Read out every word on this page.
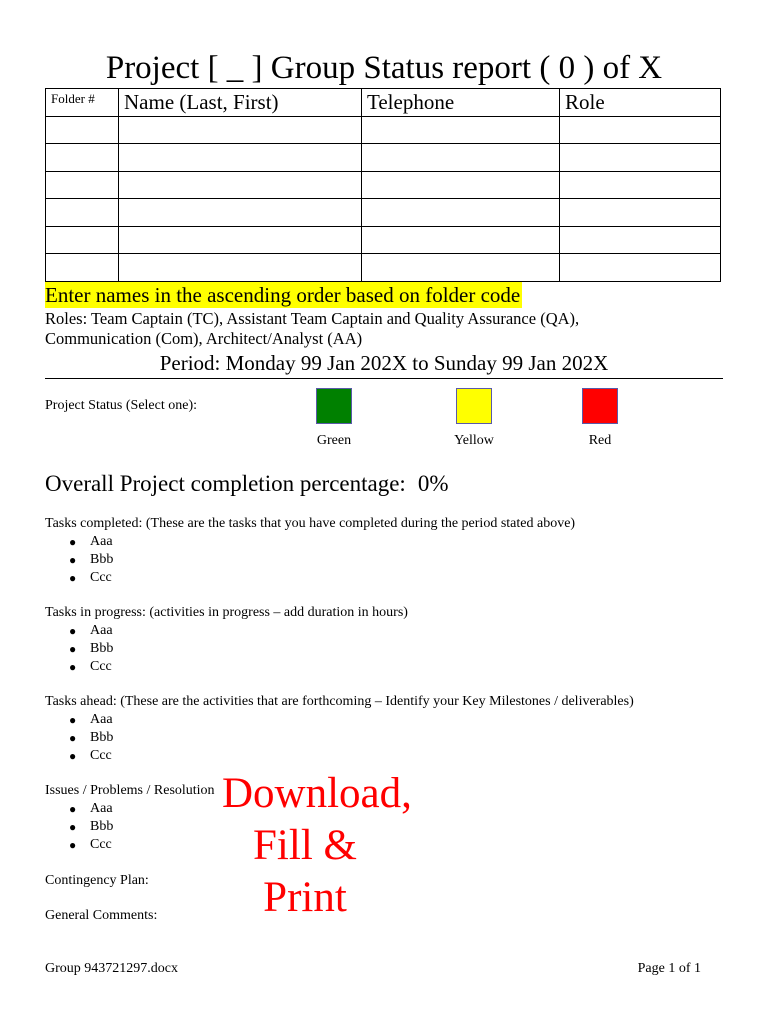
Project [ _ ] Group Status report ( 0 ) of X
Folder #	Name (Last, First)	Telephone	Role

Enter names in the ascending order based on folder code
Roles: Team Captain (TC), Assistant Team Captain and Quality Assurance (QA), Communication (Com), Architect/Analyst (AA)
Period: Monday 99 Jan 202X to Sunday 99 Jan 202X
Project Status (Select one):
Green	Yellow	Red
Overall Project completion percentage: 0%
Tasks completed: (These are the tasks that you have completed during the period stated above)
● Aaa
● Bbb
● Ccc
Tasks in progress: (activities in progress – add duration in hours)
● Aaa
● Bbb
● Ccc
Tasks ahead: (These are the activities that are forthcoming – Identify your Key Milestones / deliverables)
● Aaa
● Bbb
● Ccc
Issues / Problems / Resolution
● Aaa
● Bbb
● Ccc
Contingency Plan:
General Comments:
Download, Fill & Print
Group 943721297.docx	Page 1 of 1
